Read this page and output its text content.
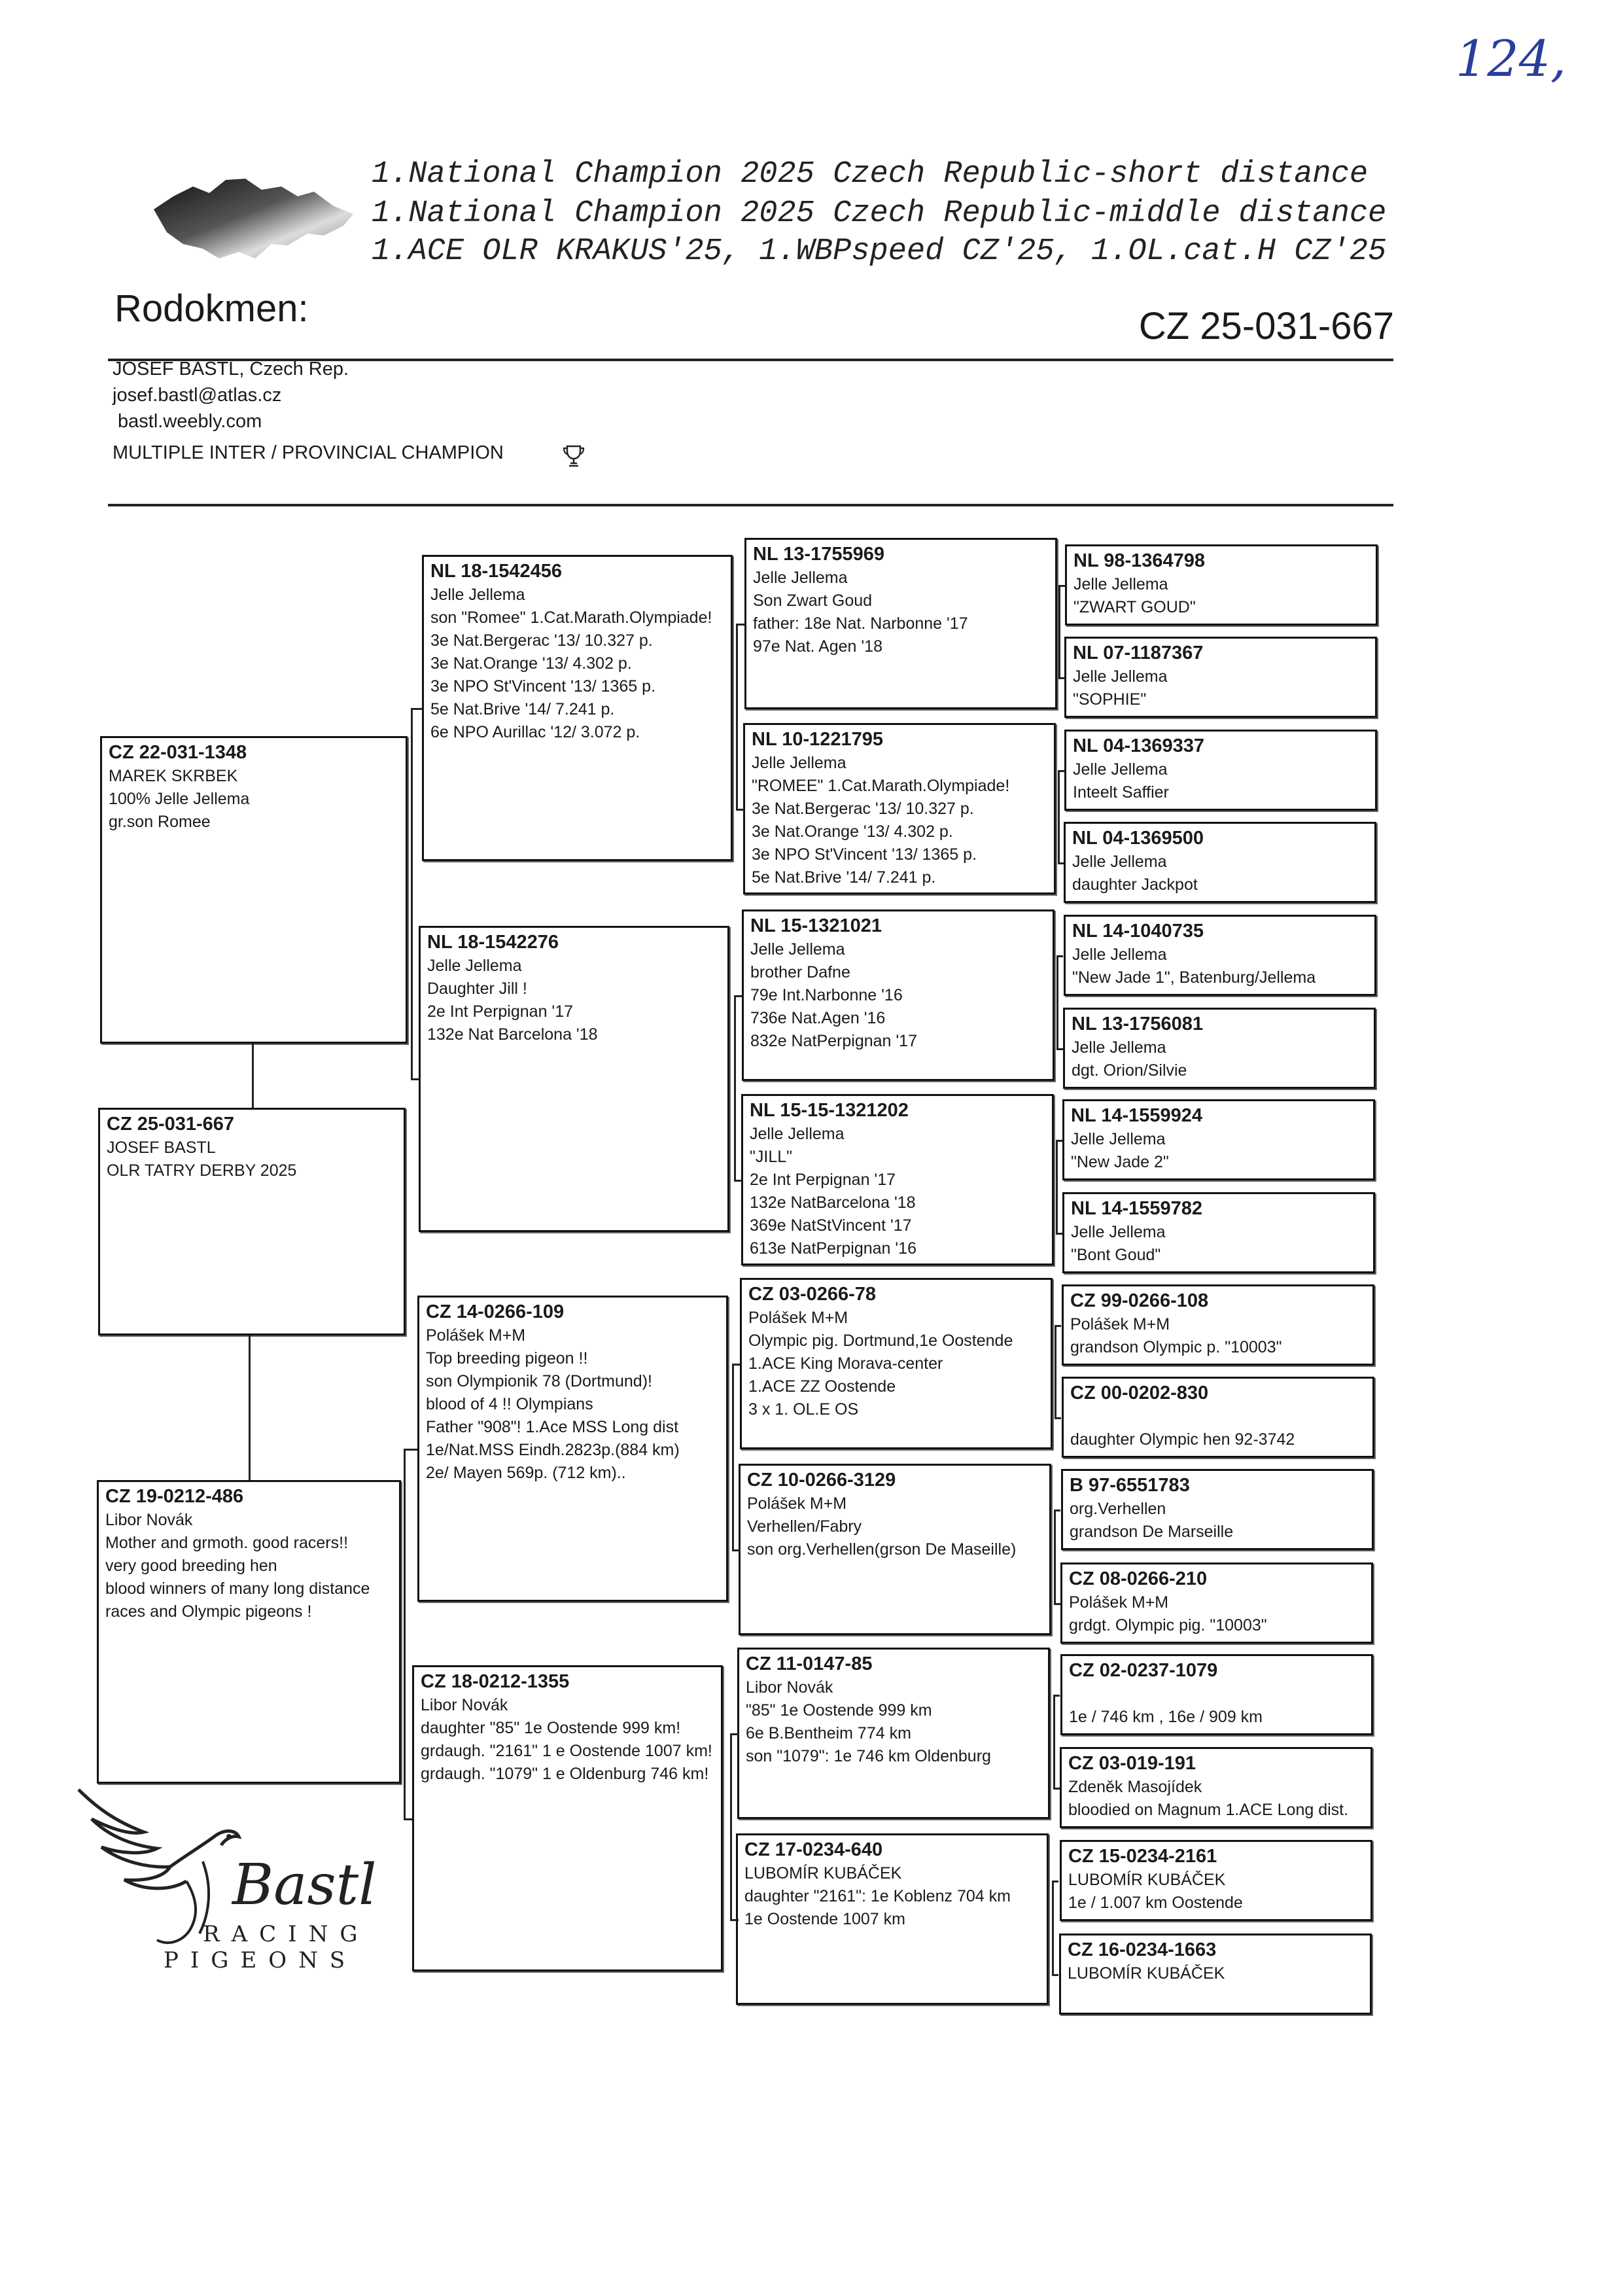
124,
1.National Champion 2025 Czech Republic-short distance
1.National Champion 2025 Czech Republic-middle distance
1.ACE OLR KRAKUS'25, 1.WBPspeed CZ'25, 1.OL.cat.H CZ'25
Rodokmen:	CZ 25-031-667
JOSEF BASTL, Czech Rep.
josef.bastl@atlas.cz
bastl.weebly.com
MULTIPLE INTER / PROVINCIAL CHAMPION
CZ 25-031-667
JOSEF BASTL
OLR TATRY DERBY 2025
CZ 22-031-1348
MAREK SKRBEK
100% Jelle Jellema
gr.son Romee
CZ 19-0212-486
Libor Novák
Mother and grmoth. good racers!!
very good breeding hen
blood winners of many long distance
races and Olympic pigeons !
NL 18-1542456
Jelle Jellema
son "Romee" 1.Cat.Marath.Olympiade!
3e Nat.Bergerac '13/ 10.327 p.
3e Nat.Orange '13/ 4.302 p.
3e NPO St'Vincent '13/ 1365 p.
5e Nat.Brive '14/ 7.241 p.
6e NPO Aurillac '12/ 3.072 p.
NL 18-1542276
Jelle Jellema
Daughter Jill !
2e Int Perpignan '17
132e Nat Barcelona '18
CZ 14-0266-109
Polášek M+M
Top breeding pigeon !!
son Olympionik 78 (Dortmund)!
blood of 4 !! Olympians
Father "908"! 1.Ace MSS Long dist
1e/Nat.MSS Eindh.2823p.(884 km)
2e/ Mayen 569p. (712 km)..
CZ 18-0212-1355
Libor Novák
daughter "85" 1e Oostende 999 km!
grdaugh. "2161" 1 e Oostende 1007 km!
grdaugh. "1079" 1 e Oldenburg 746 km!
NL 13-1755969
Jelle Jellema
Son Zwart Goud
father: 18e Nat. Narbonne '17
97e Nat. Agen '18
NL 10-1221795
Jelle Jellema
"ROMEE" 1.Cat.Marath.Olympiade!
3e Nat.Bergerac '13/ 10.327 p.
3e Nat.Orange '13/ 4.302 p.
3e NPO St'Vincent '13/ 1365 p.
5e Nat.Brive '14/ 7.241 p.
NL 15-1321021
Jelle Jellema
brother Dafne
79e Int.Narbonne '16
736e Nat.Agen '16
832e NatPerpignan '17
NL 15-15-1321202
Jelle Jellema
"JILL"
2e Int Perpignan '17
132e NatBarcelona '18
369e NatStVincent '17
613e NatPerpignan '16
CZ 03-0266-78
Polášek M+M
Olympic pig. Dortmund,1e Oostende
1.ACE King Morava-center
1.ACE ZZ Oostende
3 x 1. OL.E OS
CZ 10-0266-3129
Polášek M+M
Verhellen/Fabry
son org.Verhellen(grson De Maseille)
CZ 11-0147-85
Libor Novák
"85" 1e Oostende 999 km
6e B.Bentheim 774 km
son "1079": 1e 746 km Oldenburg
CZ 17-0234-640
LUBOMÍR KUBÁČEK
daughter "2161": 1e Koblenz 704 km
1e Oostende 1007 km
NL 98-1364798
Jelle Jellema
"ZWART GOUD"
NL 07-1187367
Jelle Jellema
"SOPHIE"
NL 04-1369337
Jelle Jellema
Inteelt Saffier
NL 04-1369500
Jelle Jellema
daughter Jackpot
NL 14-1040735
Jelle Jellema
"New Jade 1", Batenburg/Jellema
NL 13-1756081
Jelle Jellema
dgt. Orion/Silvie
NL 14-1559924
Jelle Jellema
"New Jade 2"
NL 14-1559782
Jelle Jellema
"Bont Goud"
CZ 99-0266-108
Polášek M+M
grandson Olympic p. "10003"
CZ 00-0202-830

daughter Olympic hen 92-3742
B 97-6551783
org.Verhellen
grandson De Marseille
CZ 08-0266-210
Polášek M+M
grdgt. Olympic pig. "10003"
CZ 02-0237-1079

1e / 746 km , 16e / 909 km
CZ 03-019-191
Zdeněk Masojídek
bloodied on Magnum 1.ACE Long dist.
CZ 15-0234-2161
LUBOMÍR KUBÁČEK
1e / 1.007 km Oostende
CZ 16-0234-1663
LUBOMÍR KUBÁČEK
Bastl
RACING
PIGEONS
